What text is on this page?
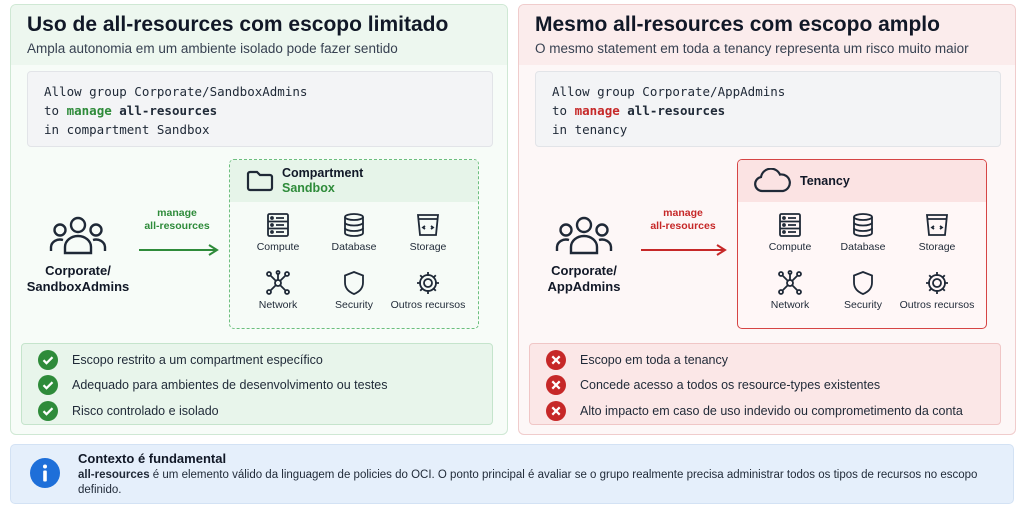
Uso de all-resources com escopo limitado
Ampla autonomia em um ambiente isolado pode fazer sentido
Allow group Corporate/SandboxAdmins
to manage all-resources
in compartment Sandbox
Corporate/
SandboxAdmins
manage
all-resources
Compartment
Sandbox
Compute	Database	Storage
Network	Security	Outros recursos
Escopo restrito a um compartment específico
Adequado para ambientes de desenvolvimento ou testes
Risco controlado e isolado
Mesmo all-resources com escopo amplo
O mesmo statement em toda a tenancy representa um risco muito maior
Allow group Corporate/AppAdmins
to manage all-resources
in tenancy
Corporate/
AppAdmins
manage
all-resources
Tenancy
Compute	Database	Storage
Network	Security	Outros recursos
Escopo em toda a tenancy
Concede acesso a todos os resource-types existentes
Alto impacto em caso de uso indevido ou comprometimento da conta
Contexto é fundamental
all-resources é um elemento válido da linguagem de policies do OCI. O ponto principal é avaliar se o grupo realmente precisa administrar todos os tipos de recursos no escopo definido.
